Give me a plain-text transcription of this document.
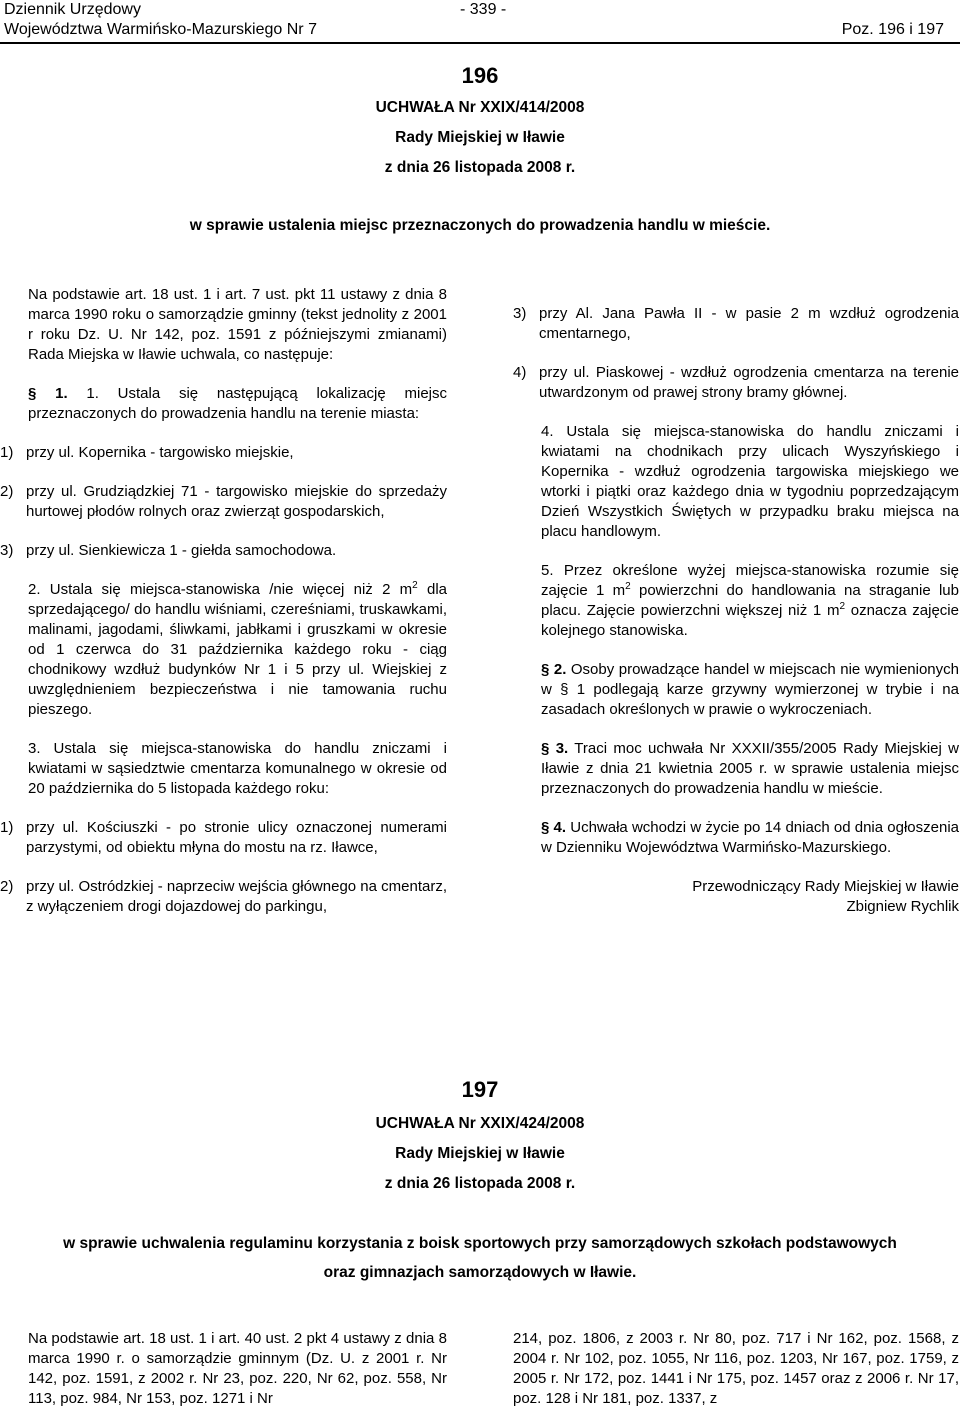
Dziennik Urzędowy
Województwa Warmińsko-Mazurskiego Nr 7
- 339 -
Poz. 196 i 197
196
UCHWAŁA Nr XXIX/414/2008
Rady Miejskiej w Iławie
z dnia 26 listopada 2008 r.
w sprawie ustalenia miejsc przeznaczonych do prowadzenia handlu w mieście.

Na podstawie art. 18 ust. 1 i art. 7 ust. pkt 11 ustawy z dnia 8 marca 1990 roku o samorządzie gminny (tekst jednolity z 2001 r roku Dz. U. Nr 142, poz. 1591 z późniejszymi zmianami) Rada Miejska w Iławie uchwala, co następuje:

§ 1. 1. Ustala się następującą lokalizację miejsc przeznaczonych do prowadzenia handlu na terenie miasta:

1) przy ul. Kopernika - targowisko miejskie,
2) przy ul. Grudziądzkiej 71 - targowisko miejskie do sprzedaży hurtowej płodów rolnych oraz zwierząt gospodarskich,
3) przy ul. Sienkiewicza 1 - giełda samochodowa.

2. Ustala się miejsca-stanowiska /nie więcej niż 2 $m^2$ dla sprzedającego/ do handlu wiśniami, czereśniami, truskawkami, malinami, jagodami, śliwkami, jabłkami i gruszkami w okresie od 1 czerwca do 31 października każdego roku - ciąg chodnikowy wzdłuż budynków Nr 1 i 5 przy ul. Wiejskiej z uwzględnieniem bezpieczeństwa i nie tamowania ruchu pieszego.

3. Ustala się miejsca-stanowiska do handlu zniczami i kwiatami w sąsiedztwie cmentarza komunalnego w okresie od 20 października do 5 listopada każdego roku:

1) przy ul. Kościuszki - po stronie ulicy oznaczonej numerami parzystymi, od obiektu młyna do mostu na rz. Iławce,
2) przy ul. Ostródzkiej - naprzeciw wejścia głównego na cmentarz, z wyłączeniem drogi dojazdowej do parkingu,
3) przy Al. Jana Pawła II - w pasie 2 m wzdłuż ogrodzenia cmentarnego,
4) przy ul. Piaskowej - wzdłuż ogrodzenia cmentarza na terenie utwardzonym od prawej strony bramy głównej.

4. Ustala się miejsca-stanowiska do handlu zniczami i kwiatami na chodnikach przy ulicach Wyszyńskiego i Kopernika - wzdłuż ogrodzenia targowiska miejskiego we wtorki i piątki oraz każdego dnia w tygodniu poprzedzającym Dzień Wszystkich Świętych w przypadku braku miejsca na placu handlowym.

5. Przez określone wyżej miejsca-stanowiska rozumie się zajęcie 1 $m^2$ powierzchni do handlowania na straganie lub placu. Zajęcie powierzchni większej niż 1 $m^2$ oznacza zajęcie kolejnego stanowiska.

§ 2. Osoby prowadzące handel w miejscach nie wymienionych w § 1 podlegają karze grzywny wymierzonej w trybie i na zasadach określonych w prawie o wykroczeniach.

§ 3. Traci moc uchwała Nr XXXII/355/2005 Rady Miejskiej w Iławie z dnia 21 kwietnia 2005 r. w sprawie ustalenia miejsc przeznaczonych do prowadzenia handlu w mieście.

§ 4. Uchwała wchodzi w życie po 14 dniach od dnia ogłoszenia w Dzienniku Województwa Warmińsko-Mazurskiego.

Przewodniczący Rady Miejskiej w Iławie

Zbigniew Rychlik

197
UCHWAŁA Nr XXIX/424/2008
Rady Miejskiej w Iławie
z dnia 26 listopada 2008 r.
w sprawie uchwalenia regulaminu korzystania z boisk sportowych przy samorządowych szkołach podstawowych
oraz gimnazjach samorządowych w Iławie.

Na podstawie art. 18 ust. 1 i art. 40 ust. 2 pkt 4 ustawy z dnia 8 marca 1990 r. o samorządzie gminnym (Dz. U. z 2001 r. Nr 142, poz. 1591, z 2002 r. Nr 23, poz. 220, Nr 62, poz. 558, Nr 113, poz. 984, Nr 153, poz. 1271 i Nr

214, poz. 1806, z 2003 r. Nr 80, poz. 717 i Nr 162, poz. 1568, z 2004 r. Nr 102, poz. 1055, Nr 116, poz. 1203, Nr 167, poz. 1759, z 2005 r. Nr 172, poz. 1441 i Nr 175, poz. 1457 oraz z 2006 r. Nr 17, poz. 128 i Nr 181, poz. 1337, z
